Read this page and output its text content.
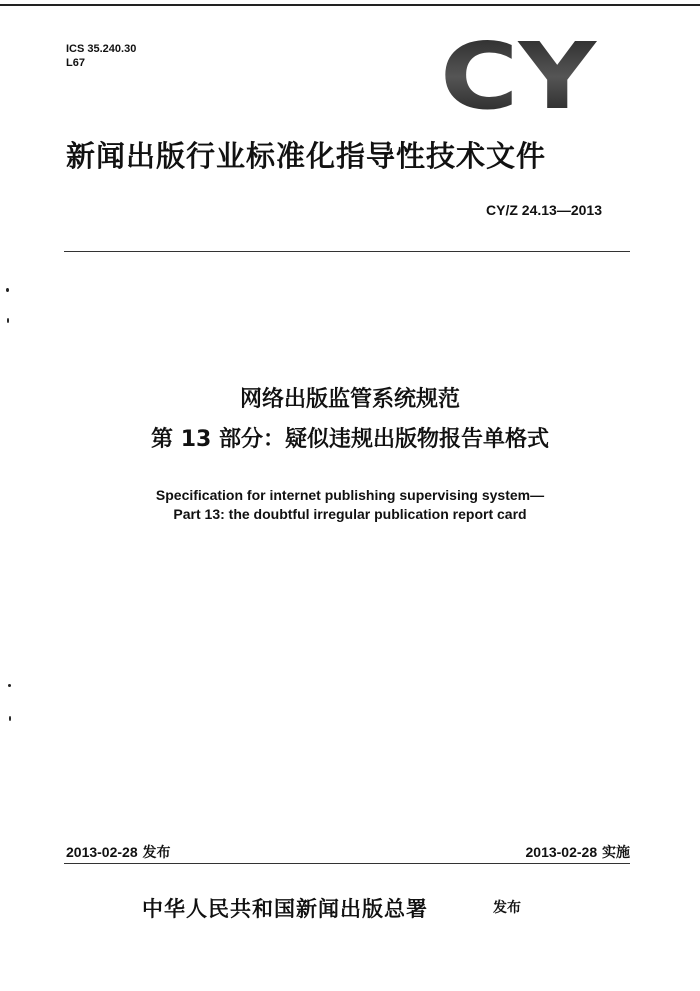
ICS 35.240.30
L67	CY
新闻出版行业标准化指导性技术文件
CY/Z 24.13—2013
网络出版监管系统规范
第 13 部分：疑似违规出版物报告单格式
Specification for internet publishing supervising system—
Part 13: the doubtful irregular publication report card
2013-02-28 发布	2013-02-28 实施
中华人民共和国新闻出版总署	发布
